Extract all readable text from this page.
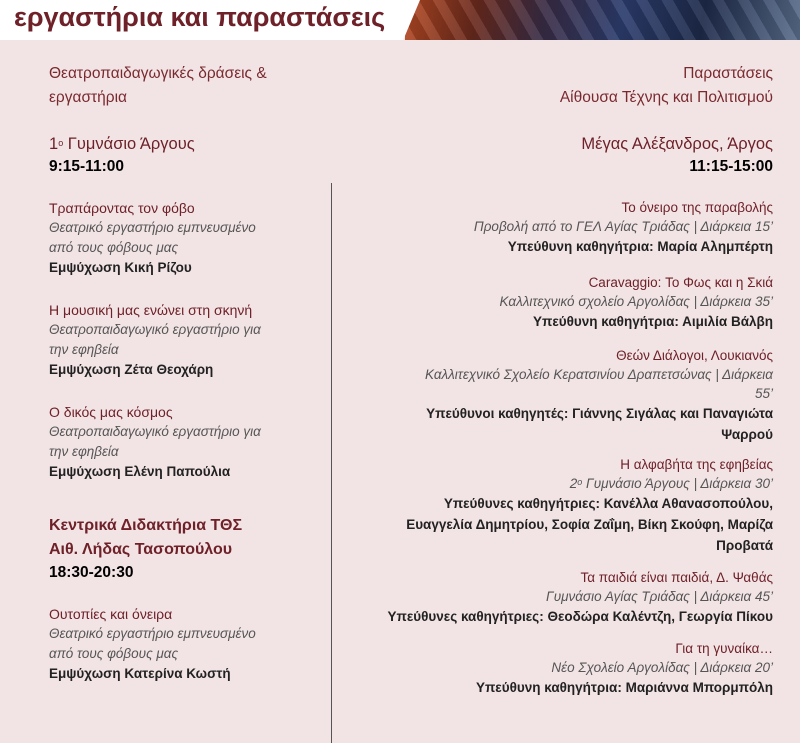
εργαστήρια και παραστάσεις
Θεατροπαιδαγωγικές δράσεις &
εργαστήρια
$1^o$ Γυμνάσιο Άργους
9:15-11:00
Τραπάροντας τον φόβο
Θεατρικό εργαστήριο εμπνευσμένο
από τους φόβους μας
Εμψύχωση Κική Ρίζου
Η μουσική μας ενώνει στη σκηνή
Θεατροπαιδαγωγικό εργαστήριο για
την εφηβεία
Εμψύχωση Ζέτα Θεοχάρη
Ο δικός μας κόσμος
Θεατροπαιδαγωγικό εργαστήριο για
την εφηβεία
Εμψύχωση Ελένη Παπούλια
Κεντρικά Διδακτήρια ΤΘΣ
Αιθ. Λήδας Τασοπούλου
18:30-20:30
Ουτοπίες και όνειρα
Θεατρικό εργαστήριο εμπνευσμένο
από τους φόβους μας
Εμψύχωση Κατερίνα Κωστή
Παραστάσεις
Αίθουσα Τέχνης και Πολιτισμού
Μέγας Αλέξανδρος, Άργος
11:15-15:00
Το όνειρο της παραβολής
Προβολή από το ΓΕΛ Αγίας Τριάδας | Διάρκεια 15’
Υπεύθυνη καθηγήτρια: Μαρία Αλημπέρτη
Caravaggio: Το Φως και η Σκιά
Καλλιτεχνικό σχολείο Αργολίδας | Διάρκεια 35’
Υπεύθυνη καθηγήτρια: Αιμιλία Βάλβη
Θεών Διάλογοι, Λουκιανός
Καλλιτεχνικό Σχολείο Κερατσινίου Δραπετσώνας | Διάρκεια
55’
Υπεύθυνοι καθηγητές: Γιάννης Σιγάλας και Παναγιώτα
Ψαρρού
Η αλφαβήτα της εφηβείας
$2^o$ Γυμνάσιο Άργους | Διάρκεια 30’
Υπεύθυνες καθηγήτριες: Κανέλλα Αθανασοπούλου,
Ευαγγελία Δημητρίου, Σοφία Ζαΐμη, Βίκη Σκούφη, Μαρίζα
Προβατά
Τα παιδιά είναι παιδιά, Δ. Ψαθάς
Γυμνάσιο Αγίας Τριάδας | Διάρκεια 45’
Υπεύθυνες καθηγήτριες: Θεοδώρα Καλέντζη, Γεωργία Πίκου
Για τη γυναίκα…
Νέο Σχολείο Αργολίδας | Διάρκεια 20’
Υπεύθυνη καθηγήτρια: Μαριάννα Μπορμπόλη
